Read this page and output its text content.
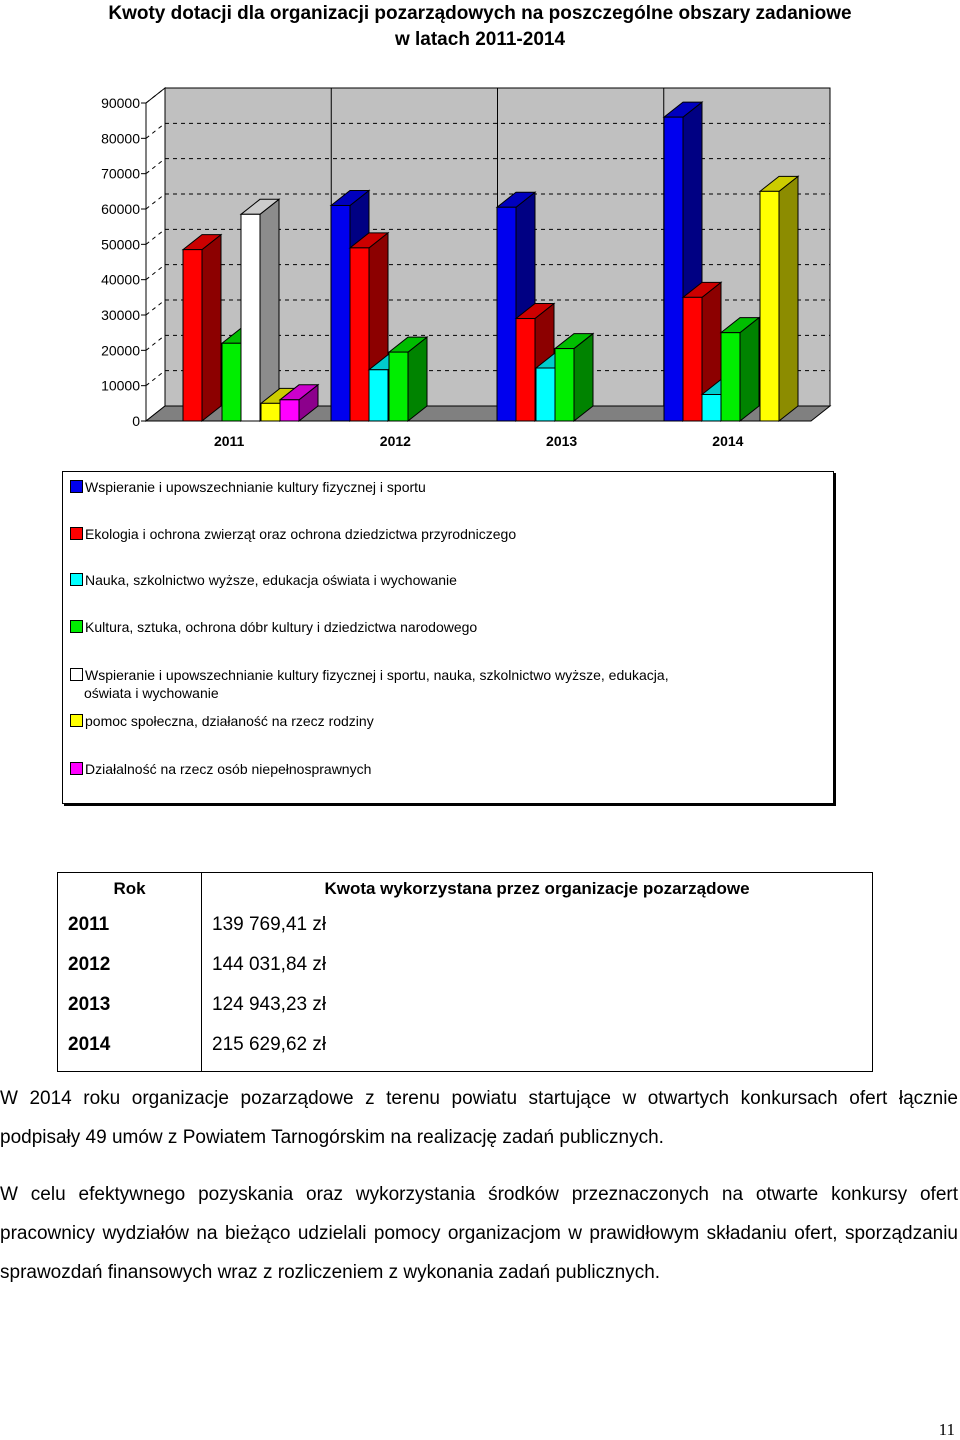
Kwoty dotacji dla organizacji pozarządowych na poszczególne obszary zadaniowe
w latach 2011-2014
0
10000
20000
30000
40000
50000
60000
70000
80000
90000
2011	2012	2013	2014
Wspieranie i upowszechnianie kultury fizycznej i sportu
Ekologia i ochrona zwierząt oraz ochrona dziedzictwa przyrodniczego
Nauka, szkolnictwo wyższe, edukacja oświata i wychowanie
Kultura, sztuka, ochrona dóbr kultury i dziedzictwa narodowego
Wspieranie i upowszechnianie kultury fizycznej i sportu, nauka, szkolnictwo wyższe, edukacja,
oświata i wychowanie
pomoc społeczna, działaność na rzecz rodziny
Działalność na rzecz osób niepełnosprawnych
Rok	Kwota wykorzystana przez organizacje pozarządowe
2011	139 769,41 zł
2012	144 031,84 zł
2013	124 943,23 zł
2014	215 629,62 zł

W 2014 roku organizacje pozarządowe z terenu powiatu startujące w otwartych konkursach ofert łącznie podpisały 49 umów z Powiatem Tarnogórskim na realizację zadań publicznych.

W celu efektywnego pozyskania oraz wykorzystania środków przeznaczonych na otwarte konkursy ofert pracownicy wydziałów na bieżąco udzielali pomocy organizacjom w prawidłowym składaniu ofert, sporządzaniu sprawozdań finansowych wraz z rozliczeniem z wykonania zadań publicznych.

11
